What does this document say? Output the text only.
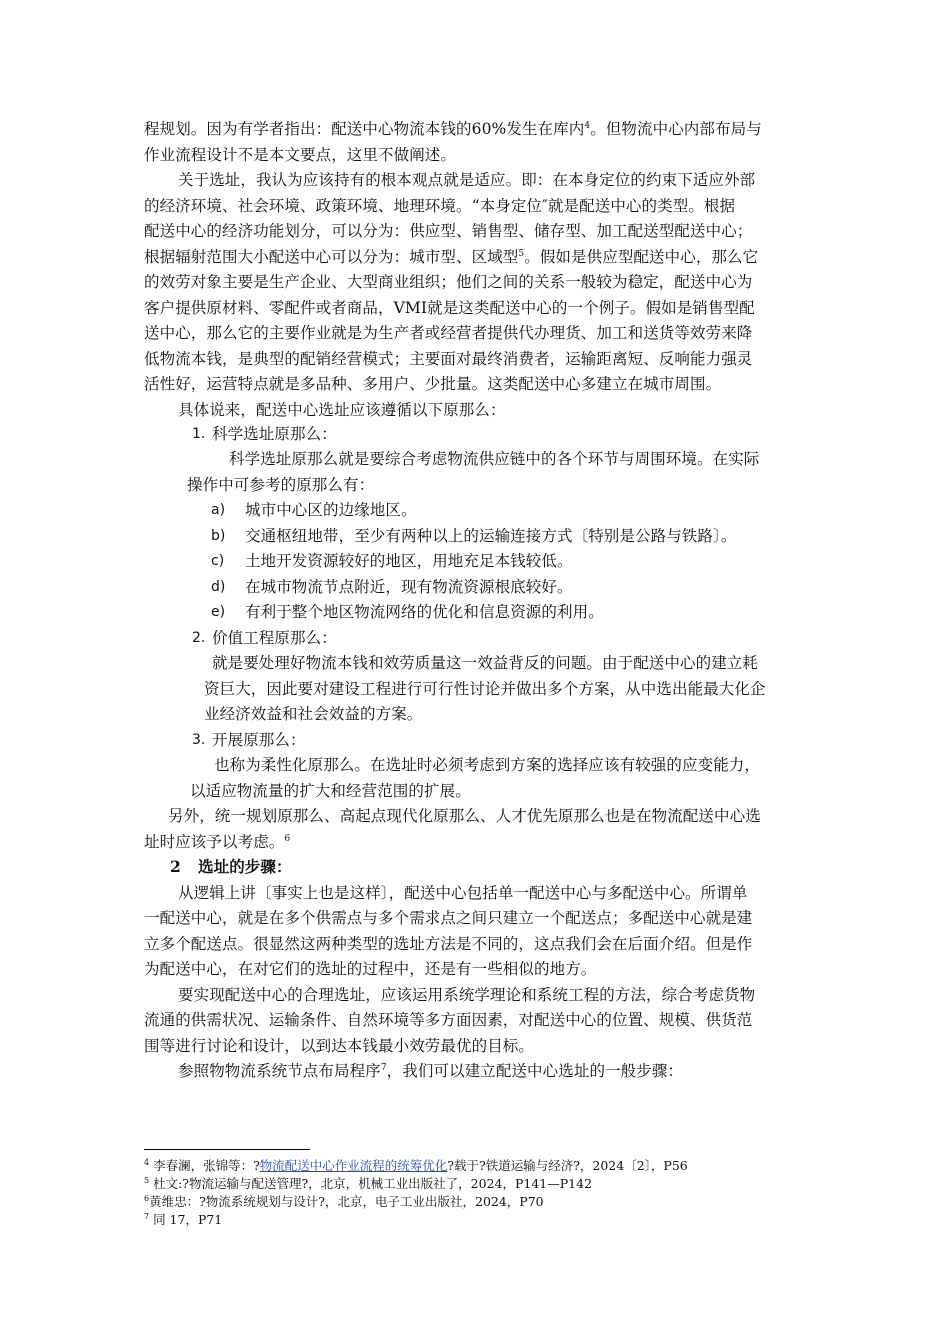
程规划。因为有学者指出：配送中心物流本钱的60%发生在库内$^4$。但物流中心内部布局与
作业流程设计不是本文要点，这里不做阐述。
关于选址，我认为应该持有的根本观点就是适应。即：在本身定位的约束下适应外部
的经济环境、社会环境、政策环境、地理环境。“本身定位″就是配送中心的类型。根据
配送中心的经济功能划分，可以分为：供应型、销售型、储存型、加工配送型配送中心；
根据辐射范围大小配送中心可以分为：城市型、区域型$^5$。假如是供应型配送中心，那么它
的效劳对象主要是生产企业、大型商业组织；他们之间的关系一般较为稳定，配送中心为
客户提供原材料、零配件或者商品，VMI就是这类配送中心的一个例子。假如是销售型配
送中心，那么它的主要作业就是为生产者或经营者提供代办理货、加工和送货等效劳来降
低物流本钱，是典型的配销经营模式；主要面对最终消费者，运输距离短、反响能力强灵
活性好，运营特点就是多品种、多用户、少批量。这类配送中心多建立在城市周围。
具体说来，配送中心选址应该遵循以下原那么：
1. 科学选址原那么：
科学选址原那么就是要综合考虑物流供应链中的各个环节与周围环境。在实际
操作中可参考的原那么有：
a) 城市中心区的边缘地区。
b) 交通枢纽地带，至少有两种以上的运输连接方式〔特别是公路与铁路〕。
c) 土地开发资源较好的地区，用地充足本钱较低。
d) 在城市物流节点附近，现有物流资源根底较好。
e) 有利于整个地区物流网络的优化和信息资源的利用。
2. 价值工程原那么：
就是要处理好物流本钱和效劳质量这一效益背反的问题。由于配送中心的建立耗
资巨大，因此要对建设工程进行可行性讨论并做出多个方案，从中选出能最大化企
业经济效益和社会效益的方案。
3. 开展原那么：
也称为柔性化原那么。在选址时必须考虑到方案的选择应该有较强的应变能力，
以适应物流量的扩大和经营范围的扩展。
另外，统一规划原那么、高起点现代化原那么、人才优先原那么也是在物流配送中心选
址时应该予以考虑。$^6$
2 选址的步骤：
从逻辑上讲〔事实上也是这样〕，配送中心包括单一配送中心与多配送中心。所谓单
一配送中心，就是在多个供需点与多个需求点之间只建立一个配送点；多配送中心就是建
立多个配送点。很显然这两种类型的选址方法是不同的，这点我们会在后面介绍。但是作
为配送中心，在对它们的选址的过程中，还是有一些相似的地方。
要实现配送中心的合理选址，应该运用系统学理论和系统工程的方法，综合考虑货物
流通的供需状况、运输条件、自然环境等多方面因素，对配送中心的位置、规模、供货范
围等进行讨论和设计，以到达本钱最小效劳最优的目标。
参照物物流系统节点布局程序$^7$，我们可以建立配送中心选址的一般步骤：
$^4$ 李春澜，张锦等：?物流配送中心作业流程的统筹优化?载于?铁道运输与经济?，2024〔2〕，P56
$^5$ 杜文:?物流运输与配送管理?，北京，机械工业出版社了，2024，P141—P142
$^6$黄维忠：?物流系统规划与设计?，北京，电子工业出版社，2024，P70
$^7$ 同 17，P71
